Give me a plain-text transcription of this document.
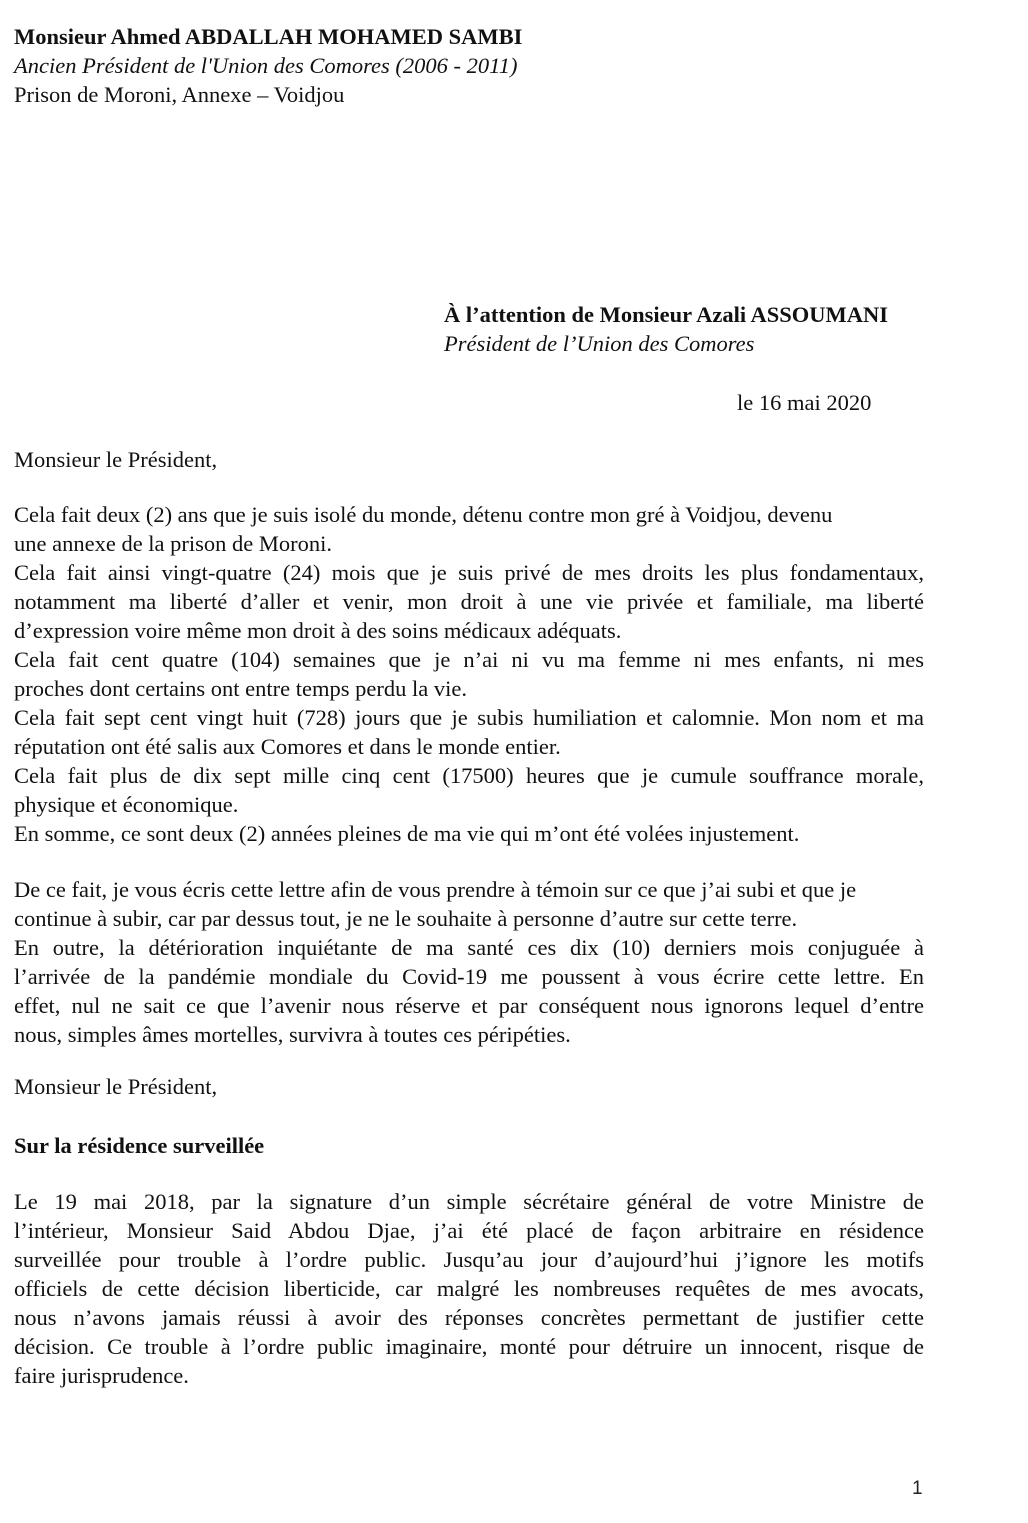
Monsieur Ahmed ABDALLAH MOHAMED SAMBI
Ancien Président de l'Union des Comores (2006 - 2011)
Prison de Moroni, Annexe – Voidjou
À l’attention de Monsieur Azali ASSOUMANI
Président de l’Union des Comores
le 16 mai 2020
Monsieur le Président,
Cela fait deux (2) ans que je suis isolé du monde, détenu contre mon gré à Voidjou, devenu
une annexe de la prison de Moroni.
Cela fait ainsi vingt-quatre (24) mois que je suis privé de mes droits les plus fondamentaux,
notamment ma liberté d’aller et venir, mon droit à une vie privée et familiale, ma liberté
d’expression voire même mon droit à des soins médicaux adéquats.
Cela fait cent quatre (104) semaines que je n’ai ni vu ma femme ni mes enfants, ni mes
proches dont certains ont entre temps perdu la vie.
Cela fait sept cent vingt huit (728) jours que je subis humiliation et calomnie. Mon nom et ma
réputation ont été salis aux Comores et dans le monde entier.
Cela fait plus de dix sept mille cinq cent (17500) heures que je cumule souffrance morale,
physique et économique.
En somme, ce sont deux (2) années pleines de ma vie qui m’ont été volées injustement.
De ce fait, je vous écris cette lettre afin de vous prendre à témoin sur ce que j’ai subi et que je
continue à subir, car par dessus tout, je ne le souhaite à personne d’autre sur cette terre.
En outre, la détérioration inquiétante de ma santé ces dix (10) derniers mois conjuguée à
l’arrivée de la pandémie mondiale du Covid-19 me poussent à vous écrire cette lettre. En
effet, nul ne sait ce que l’avenir nous réserve et par conséquent nous ignorons lequel d’entre
nous, simples âmes mortelles, survivra à toutes ces péripéties.
Monsieur le Président,
Sur la résidence surveillée
Le 19 mai 2018, par la signature d’un simple sécrétaire général de votre Ministre de
l’intérieur, Monsieur Said Abdou Djae, j’ai été placé de façon arbitraire en résidence
surveillée pour trouble à l’ordre public. Jusqu’au jour d’aujourd’hui j’ignore les motifs
officiels de cette décision liberticide, car malgré les nombreuses requêtes de mes avocats,
nous n’avons jamais réussi à avoir des réponses concrètes permettant de justifier cette
décision. Ce trouble à l’ordre public imaginaire, monté pour détruire un innocent, risque de
faire jurisprudence.
1
